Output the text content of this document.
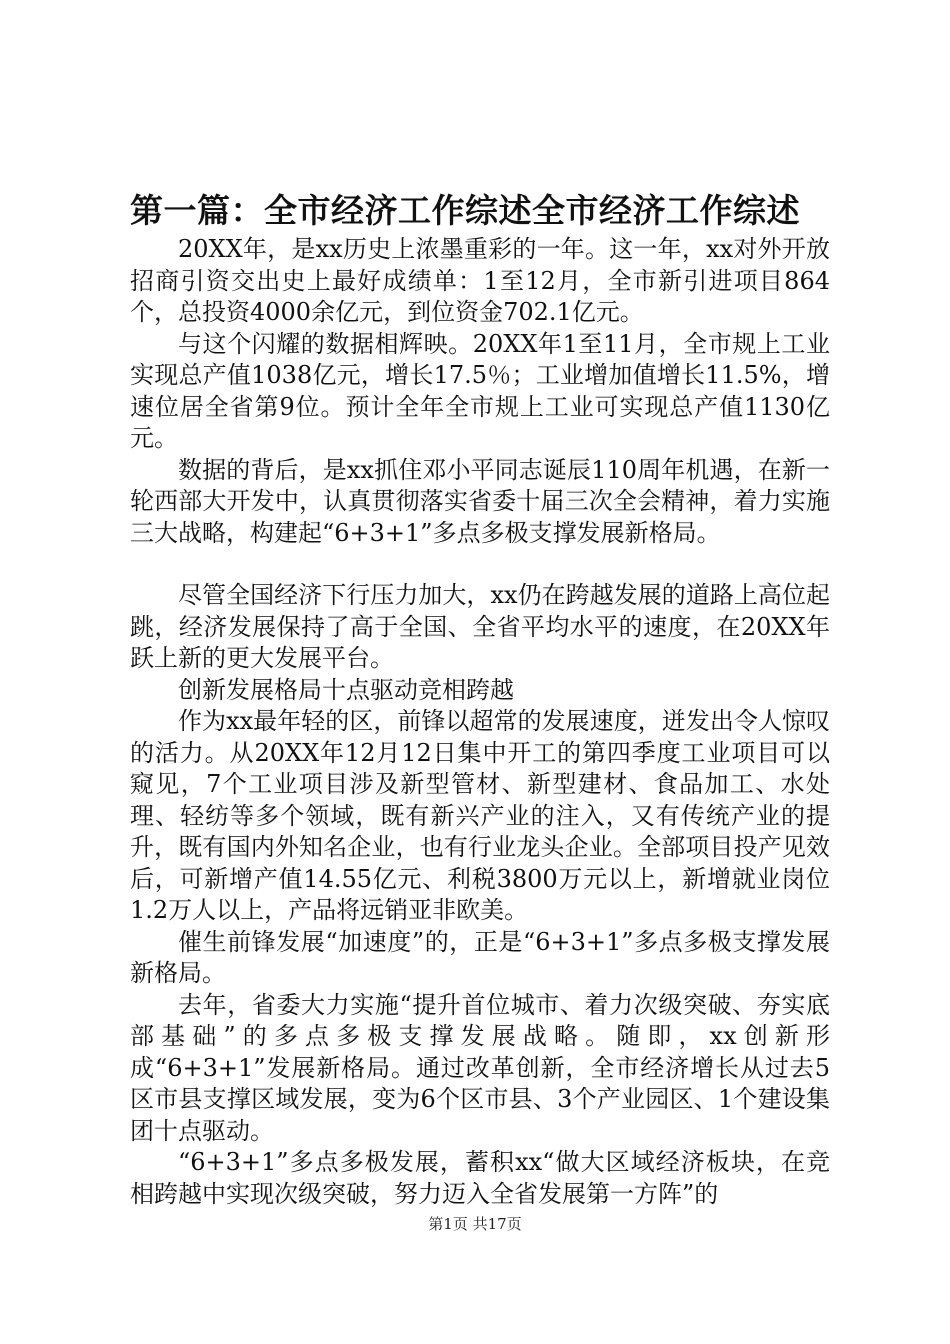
第一篇：全市经济工作综述全市经济工作综述

20XX年，是xx历史上浓墨重彩的一年。这一年，xx对外开放招商引资交出史上最好成绩单：1至12月，全市新引进项目864个，总投资4000余亿元，到位资金702.1亿元。

与这个闪耀的数据相辉映。20XX年1至11月，全市规上工业实现总产值1038亿元，增长17.5％；工业增加值增长11.5%，增速位居全省第9位。预计全年全市规上工业可实现总产值1130亿元。

数据的背后，是xx抓住邓小平同志诞辰110周年机遇，在新一轮西部大开发中，认真贯彻落实省委十届三次全会精神，着力实施三大战略，构建起“6+3+1”多点多极支撑发展新格局。

尽管全国经济下行压力加大，xx仍在跨越发展的道路上高位起跳，经济发展保持了高于全国、全省平均水平的速度，在20XX年跃上新的更大发展平台。

创新发展格局十点驱动竞相跨越

作为xx最年轻的区，前锋以超常的发展速度，迸发出令人惊叹的活力。从20XX年12月12日集中开工的第四季度工业项目可以窥见，7个工业项目涉及新型管材、新型建材、食品加工、水处理、轻纺等多个领域，既有新兴产业的注入，又有传统产业的提升，既有国内外知名企业，也有行业龙头企业。全部项目投产见效后，可新增产值14.55亿元、利税3800万元以上，新增就业岗位1.2万人以上，产品将远销亚非欧美。

催生前锋发展“加速度”的，正是“6+3+1”多点多极支撑发展新格局。

去年，省委大力实施“提升首位城市、着力次级突破、夯实底部基础”的多点多极支撑发展战略。随即，xx创新形成“6+3+1”发展新格局。通过改革创新，全市经济增长从过去5区市县支撑区域发展，变为6个区市县、3个产业园区、1个建设集团十点驱动。

“6+3+1”多点多极发展，蓄积xx“做大区域经济板块，在竞相跨越中实现次级突破，努力迈入全省发展第一方阵”的

第1页 共17页
